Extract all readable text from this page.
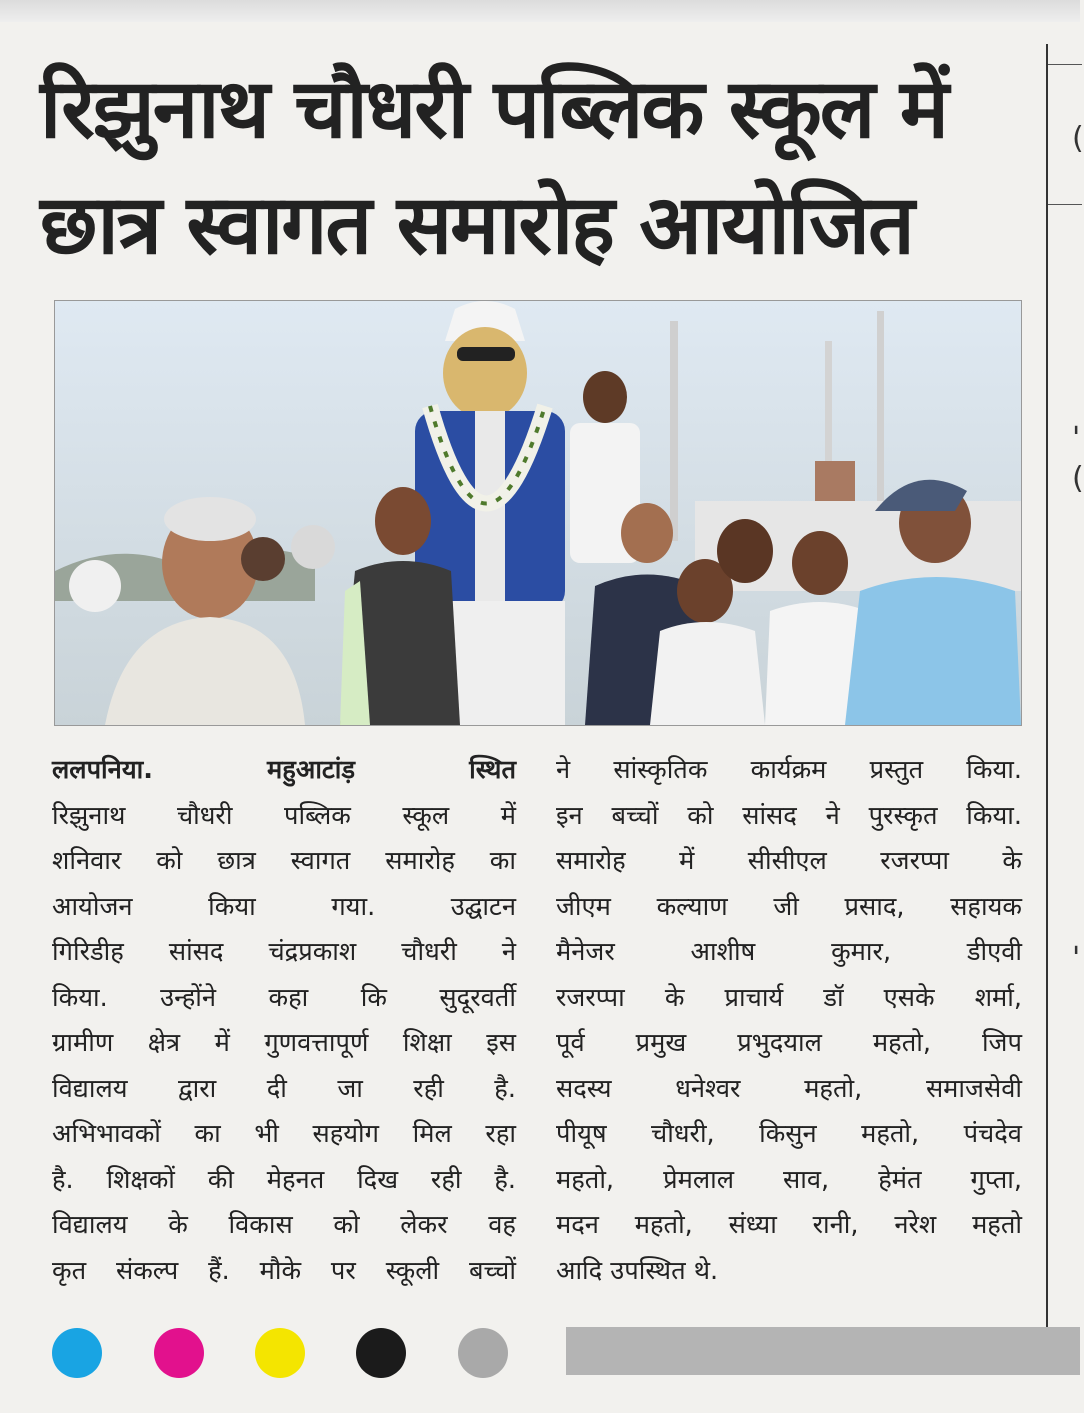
(
'
(
'
रिझुनाथ चौधरी पब्लिक स्कूल में
छात्र स्वागत समारोह आयोजित
ललपनिया.	महुआटांड़	स्थित
रिझुनाथ चौधरी पब्लिक स्कूल में
शनिवार को छात्र स्वागत समारोह का
आयोजन	किया	गया.	उद्घाटन
गिरिडीह सांसद चंद्रप्रकाश चौधरी ने
किया. उन्होंने कहा कि सुदूरवर्ती
ग्रामीण क्षेत्र में गुणवत्तापूर्ण शिक्षा इस
विद्यालय द्वारा दी जा रही है.
अभिभावकों का भी सहयोग मिल रहा
है. शिक्षकों की मेहनत दिख रही है.
विद्यालय के विकास को लेकर वह
कृत संकल्प हैं. मौके पर स्कूली बच्चों
ने सांस्कृतिक कार्यक्रम प्रस्तुत किया.
इन बच्चों को सांसद ने पुरस्कृत किया.
समारोह में सीसीएल रजरप्पा के
जीएम कल्याण जी प्रसाद, सहायक
मैनेजर	आशीष	कुमार,	डीएवी
रजरप्पा के प्राचार्य डॉ एसके शर्मा,
पूर्व प्रमुख प्रभुदयाल महतो, जिप
सदस्य धनेश्वर महतो, समाजसेवी
पीयूष चौधरी, किसुन महतो, पंचदेव
महतो, प्रेमलाल साव, हेमंत गुप्ता,
मदन महतो, संध्या रानी, नरेश महतो
आदि उपस्थित थे.
